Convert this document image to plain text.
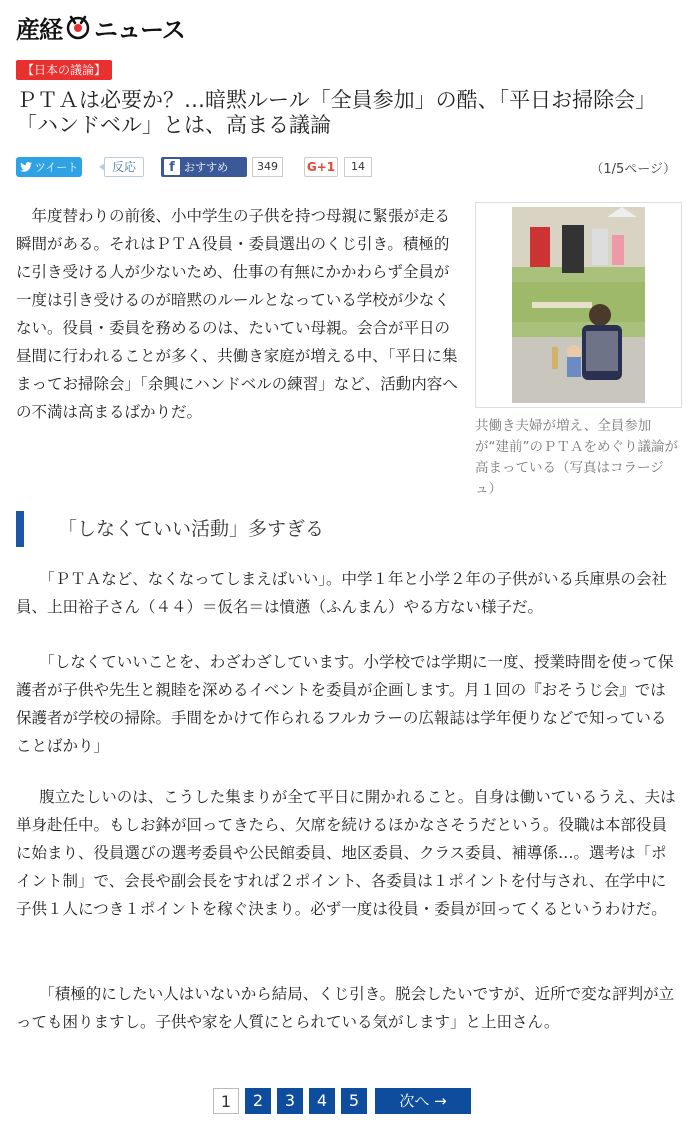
産経 ニュース
【日本の議論】
ＰＴＡは必要か？…暗黙ルール「全員参加」の酷、「平日お掃除会」「ハンドベル」とは、高まる議論
ツイート	反応	f おすすめ	349	G+1	14	（1/5ページ）

年度替わりの前後、小中学生の子供を持つ母親に緊張が走る瞬間がある。それはＰＴＡ役員・委員選出のくじ引き。積極的に引き受ける人が少ないため、仕事の有無にかかわらず全員が一度は引き受けるのが暗黙のルールとなっている学校が少なくない。役員・委員を務めるのは、たいてい母親。会合が平日の昼間に行われることが多く、共働き家庭が増える中、「平日に集まってお掃除会」「余興にハンドベルの練習」など、活動内容への不満は高まるばかりだ。

共働き夫婦が増え、全員参加が“建前”のＰＴＡをめぐり議論が高まっている（写真はコラージュ）

「しなくていい活動」多すぎる

「ＰＴＡなど、なくなってしまえばいい」。中学１年と小学２年の子供がいる兵庫県の会社員、上田裕子さん（４４）＝仮名＝は憤懣（ふんまん）やる方ない様子だ。

「しなくていいことを、わざわざしています。小学校では学期に一度、授業時間を使って保護者が子供や先生と親睦を深めるイベントを委員が企画します。月１回の『おそうじ会』では保護者が学校の掃除。手間をかけて作られるフルカラーの広報誌は学年便りなどで知っていることばかり」

腹立たしいのは、こうした集まりが全て平日に開かれること。自身は働いているうえ、夫は単身赴任中。もしお鉢が回ってきたら、欠席を続けるほかなさそうだという。役職は本部役員に始まり、役員選びの選考委員や公民館委員、地区委員、クラス委員、補導係…。選考は「ポイント制」で、会長や副会長をすれば２ポイント、各委員は１ポイントを付与され、在学中に子供１人につき１ポイントを稼ぐ決まり。必ず一度は役員・委員が回ってくるというわけだ。

「積極的にしたい人はいないから結局、くじ引き。脱会したいですが、近所で変な評判が立っても困りますし。子供や家を人質にとられている気がします」と上田さん。

1	2	3	4	5	次へ →
